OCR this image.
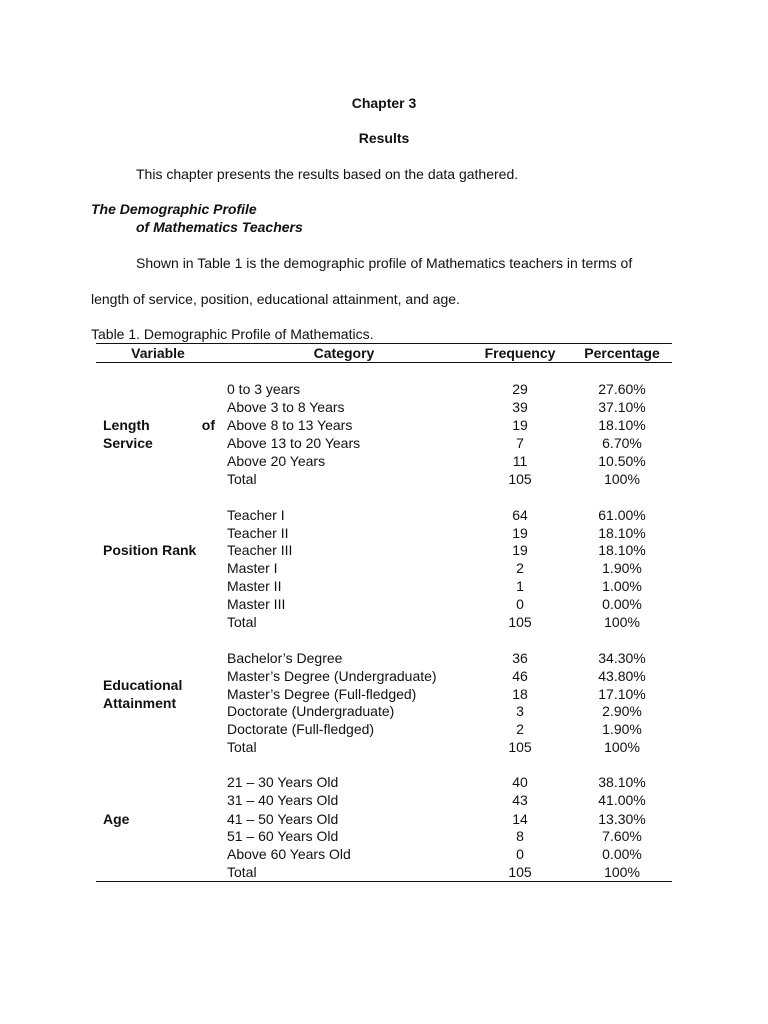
Chapter 3
Results
This chapter presents the results based on the data gathered.
The Demographic Profile
of Mathematics Teachers
Shown in Table 1 is the demographic profile of Mathematics teachers in terms of
length of service, position, educational attainment, and age.
Table 1. Demographic Profile of Mathematics.
Variable	Category	Frequency	Percentage
Length	of
Service
0 to 3 years	29	27.60%
Above 3 to 8 Years	39	37.10%
Above 8 to 13 Years	19	18.10%
Above 13 to 20 Years	7	6.70%
Above 20 Years	11	10.50%
Total	105	100%
Position Rank
Teacher I	64	61.00%
Teacher II	19	18.10%
Teacher III	19	18.10%
Master I	2	1.90%
Master II	1	1.00%
Master III	0	0.00%
Total	105	100%
Educational
Attainment
Bachelor’s Degree	36	34.30%
Master’s Degree (Undergraduate)	46	43.80%
Master’s Degree (Full-fledged)	18	17.10%
Doctorate (Undergraduate)	3	2.90%
Doctorate (Full-fledged)	2	1.90%
Total	105	100%
Age
21 – 30 Years Old	40	38.10%
31 – 40 Years Old	43	41.00%
41 – 50 Years Old	14	13.30%
51 – 60 Years Old	8	7.60%
Above 60 Years Old	0	0.00%
Total	105	100%
